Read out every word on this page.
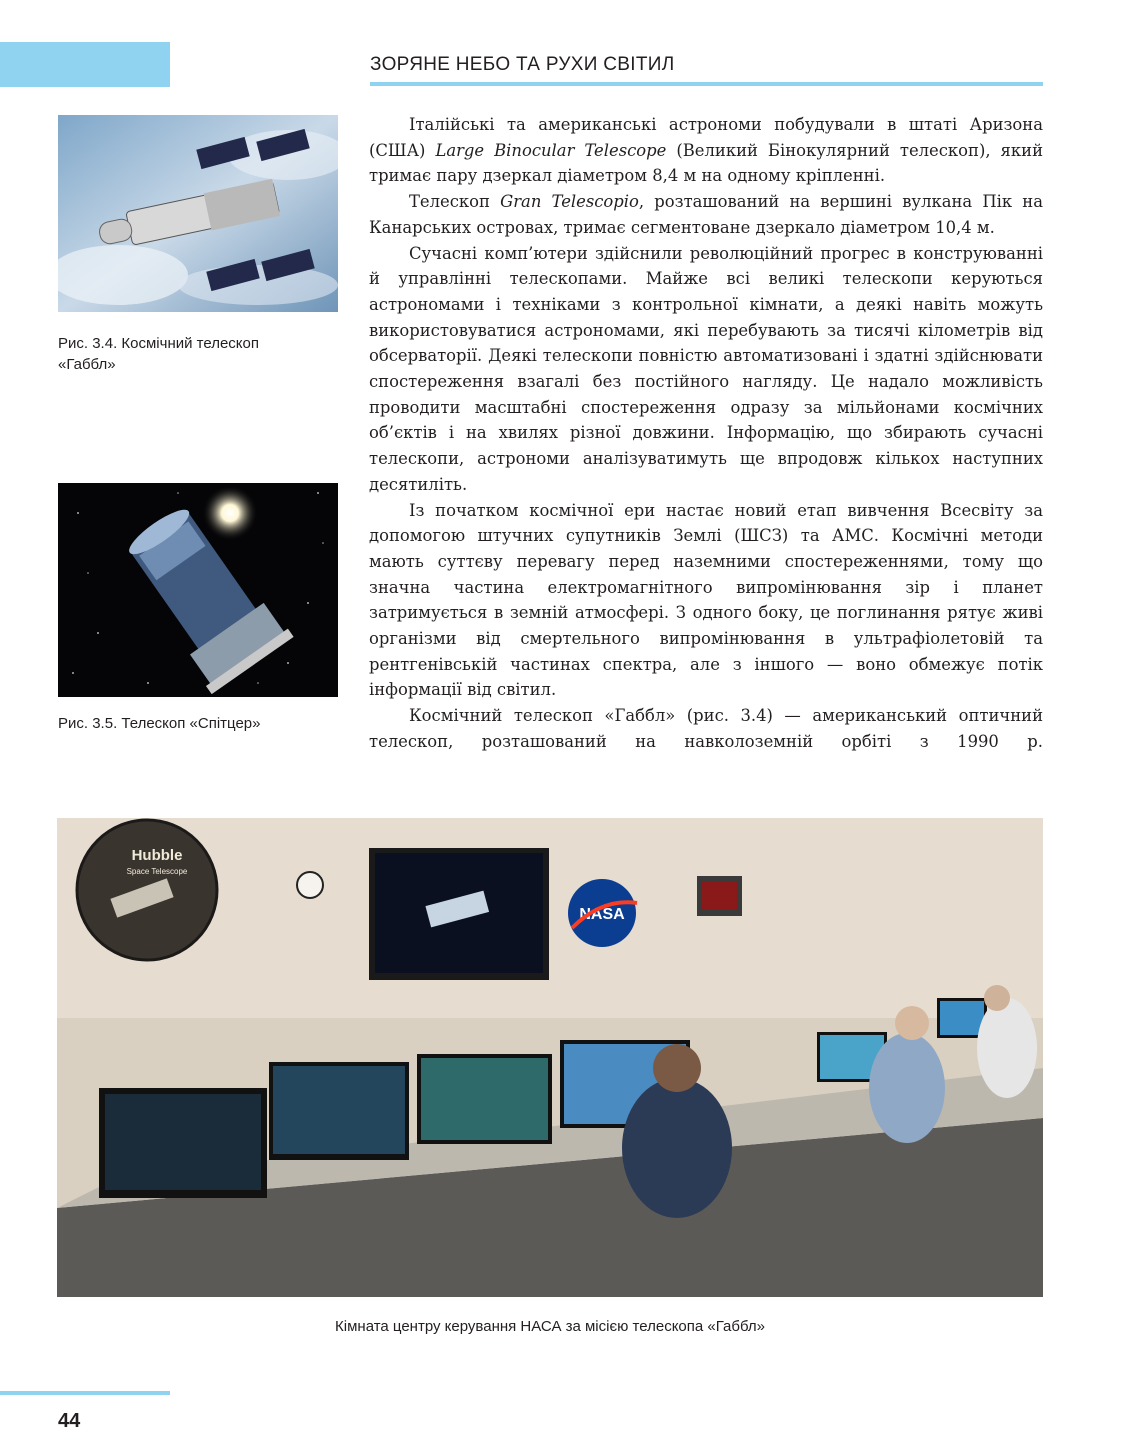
ЗОРЯНЕ НЕБО ТА РУХИ СВІТИЛ
Рис. 3.4. Космічний телескоп «Габбл»
Рис. 3.5. Телескоп «Спітцер»

Італійські та американські астрономи побудували в штаті Аризона (США) Large Binocular Telescope (Великий Бінокулярний телескоп), який тримає пару дзеркал діаметром 8,4 м на одному кріпленні.

Телескоп Gran Telescopio, розташований на вершині вулкана Пік на Канарських островах, тримає сегментоване дзеркало діаметром 10,4 м.

Сучасні комп’ютери здійснили революційний прогрес в конструюванні й управлінні телескопами. Майже всі великі телескопи керуються астрономами і техніками з контрольної кімнати, а деякі навіть можуть використовуватися астрономами, які перебувають за тисячі кілометрів від обсерваторії. Деякі телескопи повністю автоматизовані і здатні здійснювати спостереження взагалі без постійного нагляду. Це надало можливість проводити масштабні спостереження одразу за мільйонами космічних об’єктів і на хвилях різної довжини. Інформацію, що збирають сучасні телескопи, астрономи аналізуватимуть ще впродовж кількох наступних десятиліть.

Із початком космічної ери настає новий етап вивчення Всесвіту за допомогою штучних супутників Землі (ШСЗ) та АМС. Космічні методи мають суттєву перевагу перед наземними спостереженнями, тому що значна частина електромагнітного випромінювання зір і планет затримується в земній атмосфері. З одного боку, це поглинання рятує живі організми від смертельного випромінювання в ультрафіолетовій та рентгенівській частинах спектра, але з іншого — воно обмежує потік інформації від світил.

Космічний телескоп «Габбл» (рис. 3.4) — американський оптичний телескоп, розташований на навколоземній орбіті з 1990 р.

Hubble
Space Telescope
NASA
Кімната центру керування НАСА за місією телескопа «Габбл»
44
